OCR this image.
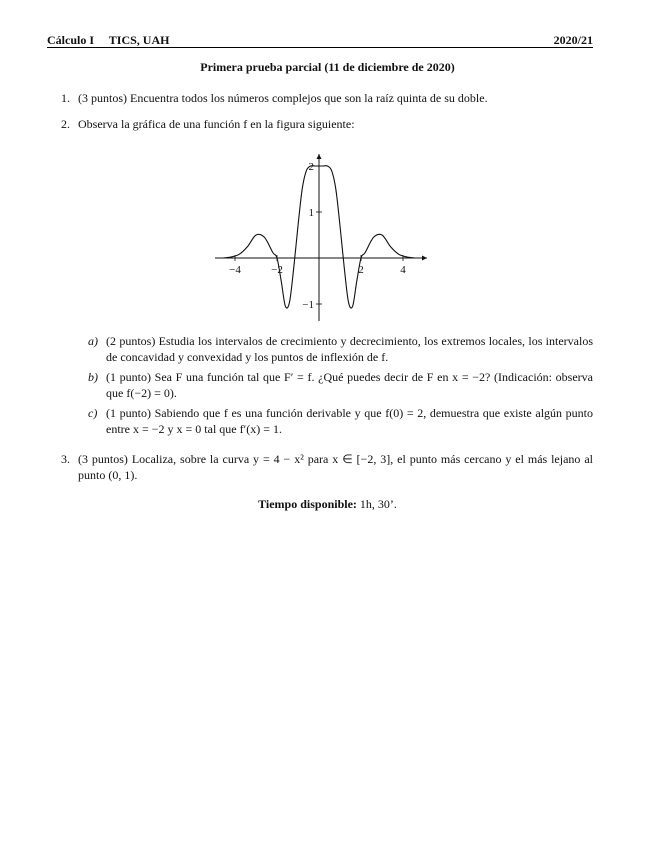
Cálculo I     TICS, UAH	2020/21
Primera prueba parcial (11 de diciembre de 2020)
1. (3 puntos) Encuentra todos los números complejos que son la raíz quinta de su doble.
2. Observa la gráfica de una función f en la figura siguiente:
−4	−2	2	4
2
1
−1
a) (2 puntos) Estudia los intervalos de crecimiento y decrecimiento, los extremos locales, los intervalos de concavidad y convexidad y los puntos de inflexión de f.
b) (1 punto) Sea F una función tal que F′ = f. ¿Qué puedes decir de F en x = −2? (Indicación: observa que f(−2) = 0).
c) (1 punto) Sabiendo que f es una función derivable y que f(0) = 2, demuestra que existe algún punto entre x = −2 y x = 0 tal que f′(x) = 1.
3. (3 puntos) Localiza, sobre la curva y = 4 − x² para x ∈ [−2, 3], el punto más cercano y el más lejano al punto (0, 1).
Tiempo disponible: 1h, 30’.
